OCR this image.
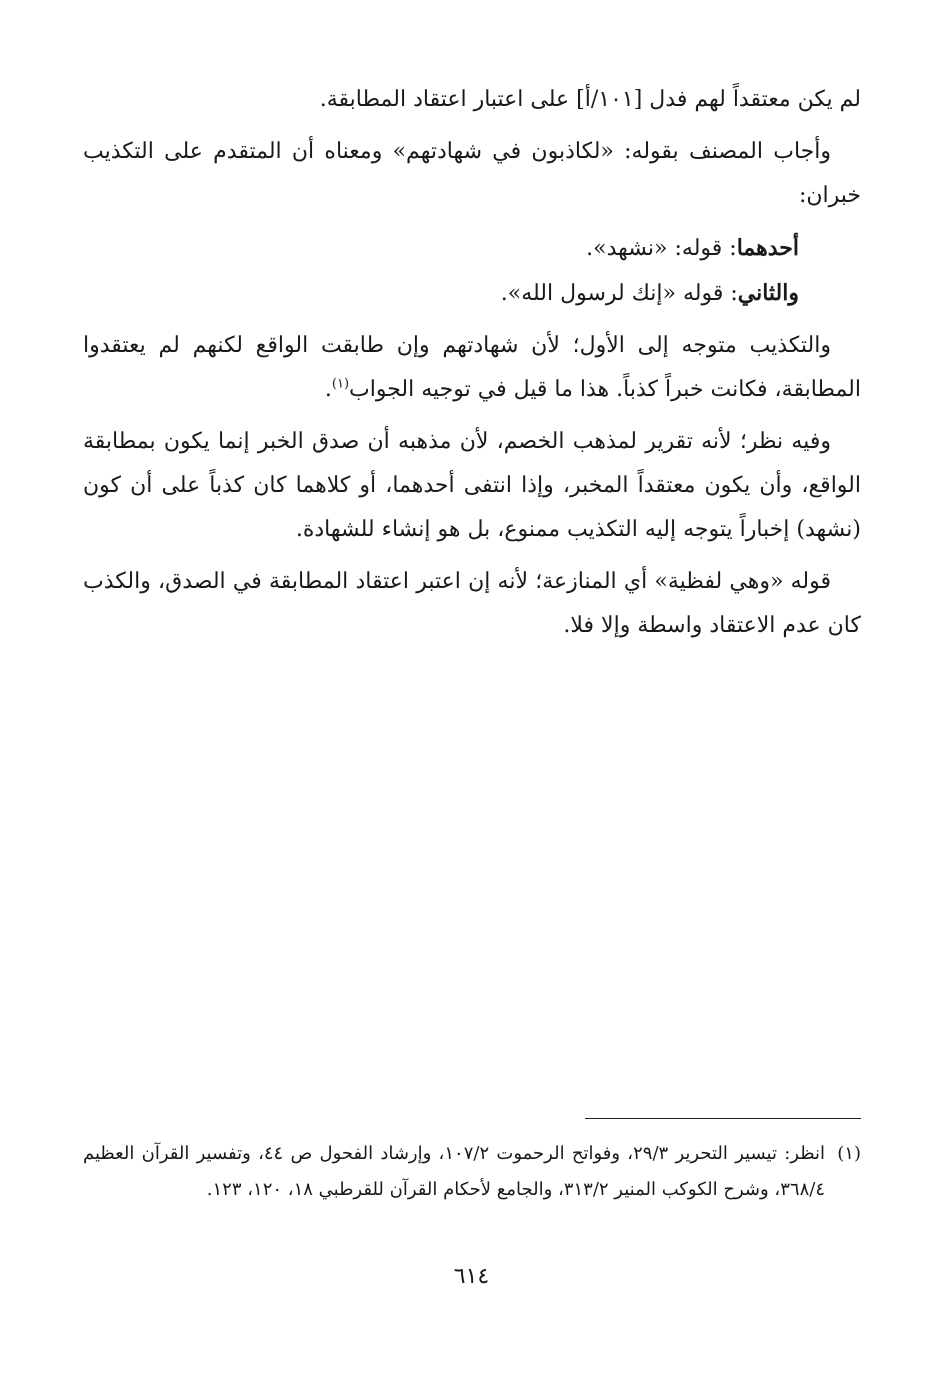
لم يكن معتقداً لهم فدل [١٠١/أ] على اعتبار اعتقاد المطابقة.

وأجاب المصنف بقوله: «لكاذبون في شهادتهم» ومعناه أن المتقدم على التكذيب خبران:

أحدهما: قوله: «نشهد».

والثاني: قوله «إنك لرسول الله».

والتكذيب متوجه إلى الأول؛ لأن شهادتهم وإن طابقت الواقع لكنهم لم يعتقدوا المطابقة، فكانت خبراً كذباً. هذا ما قيل في توجيه الجواب$^{(١)}$.

وفيه نظر؛ لأنه تقرير لمذهب الخصم، لأن مذهبه أن صدق الخبر إنما يكون بمطابقة الواقع، وأن يكون معتقداً المخبر، وإذا انتفى أحدهما، أو كلاهما كان كذباً على أن كون (نشهد) إخباراً يتوجه إليه التكذيب ممنوع، بل هو إنشاء للشهادة.

قوله «وهي لفظية» أي المنازعة؛ لأنه إن اعتبر اعتقاد المطابقة في الصدق، والكذب كان عدم الاعتقاد واسطة وإلا فلا.

(١)
انظر: تيسير التحرير ٢٩/٣، وفواتح الرحموت ١٠٧/٢، وإرشاد الفحول ص ٤٤، وتفسير القرآن العظيم ٣٦٨/٤، وشرح الكوكب المنير ٣١٣/٢، والجامع لأحكام القرآن للقرطبي ١٨، ١٢٠، ١٢٣.
٦١٤
